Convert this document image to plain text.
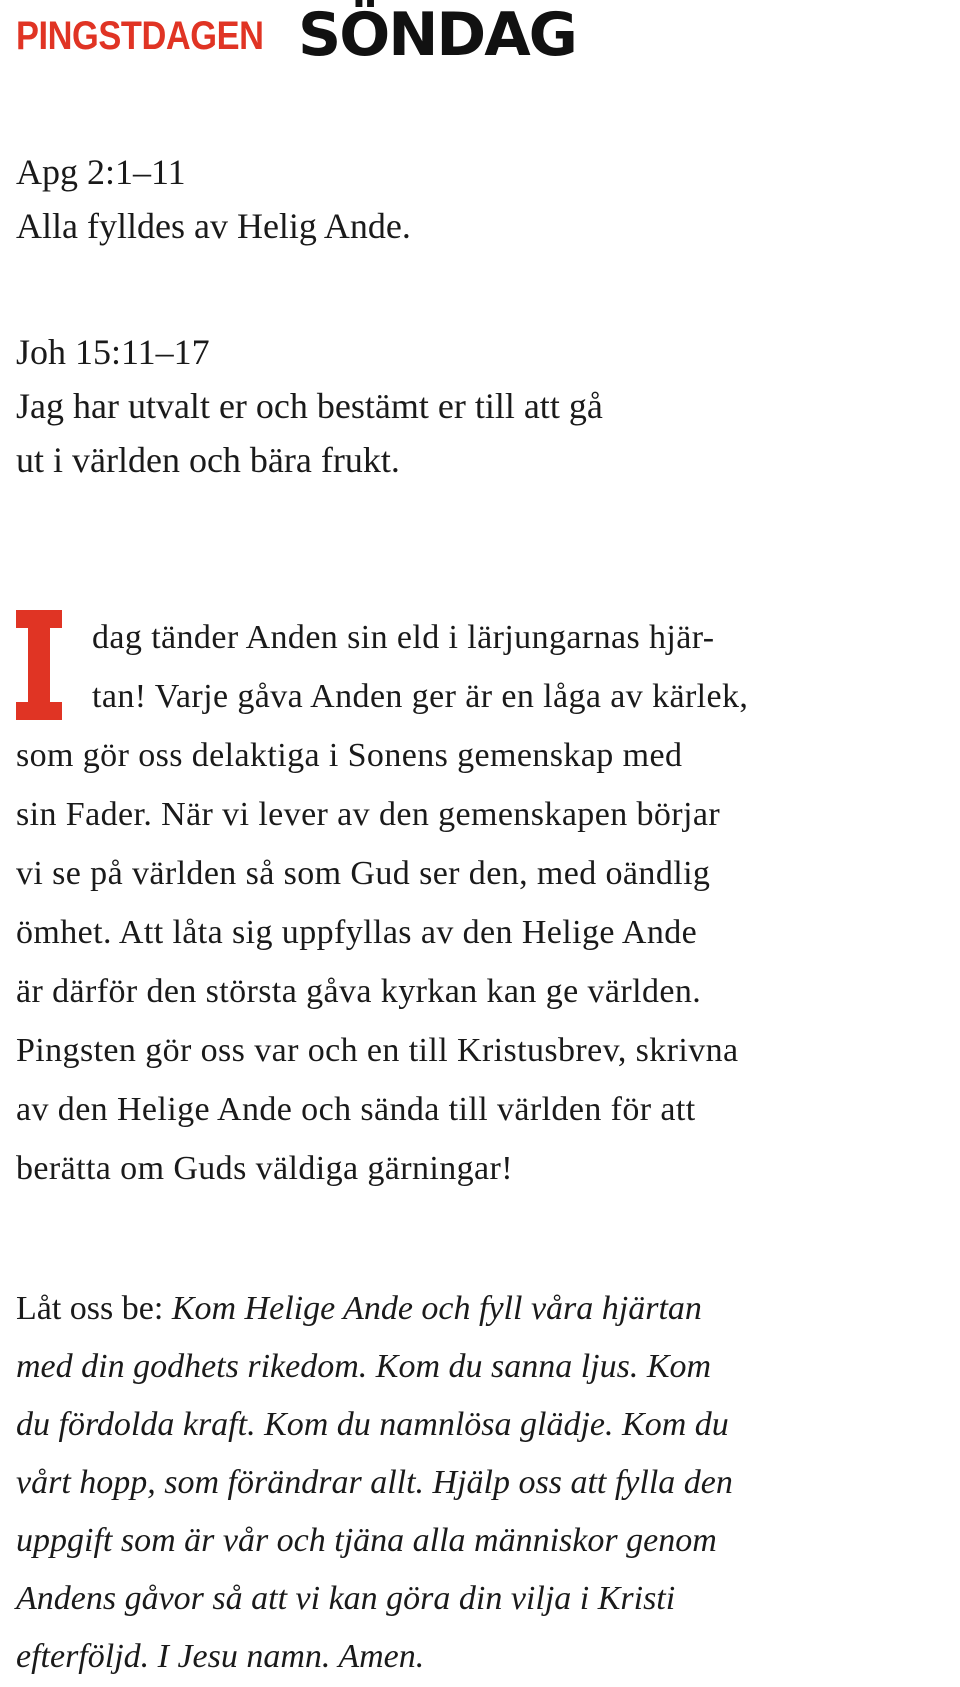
PINGSTDAGEN SÖNDAG
Apg 2:1–11
Alla fylldes av Helig Ande.
Joh 15:11–17
Jag har utvalt er och bestämt er till att gå
ut i världen och bära frukt.
dag tänder Anden sin eld i lärjungarnas hjär-
tan! Varje gåva Anden ger är en låga av kärlek,
som gör oss delaktiga i Sonens gemenskap med
sin Fader. När vi lever av den gemenskapen börjar
vi se på världen så som Gud ser den, med oändlig
ömhet. Att låta sig uppfyllas av den Helige Ande
är därför den största gåva kyrkan kan ge världen.
Pingsten gör oss var och en till Kristusbrev, skrivna
av den Helige Ande och sända till världen för att
berätta om Guds väldiga gärningar!
Låt oss be: Kom Helige Ande och fyll våra hjärtan
med din godhets rikedom. Kom du sanna ljus. Kom
du fördolda kraft. Kom du namnlösa glädje. Kom du
vårt hopp, som förändrar allt. Hjälp oss att fylla den
uppgift som är vår och tjäna alla människor genom
Andens gåvor så att vi kan göra din vilja i Kristi
efterföljd. I Jesu namn. Amen.
